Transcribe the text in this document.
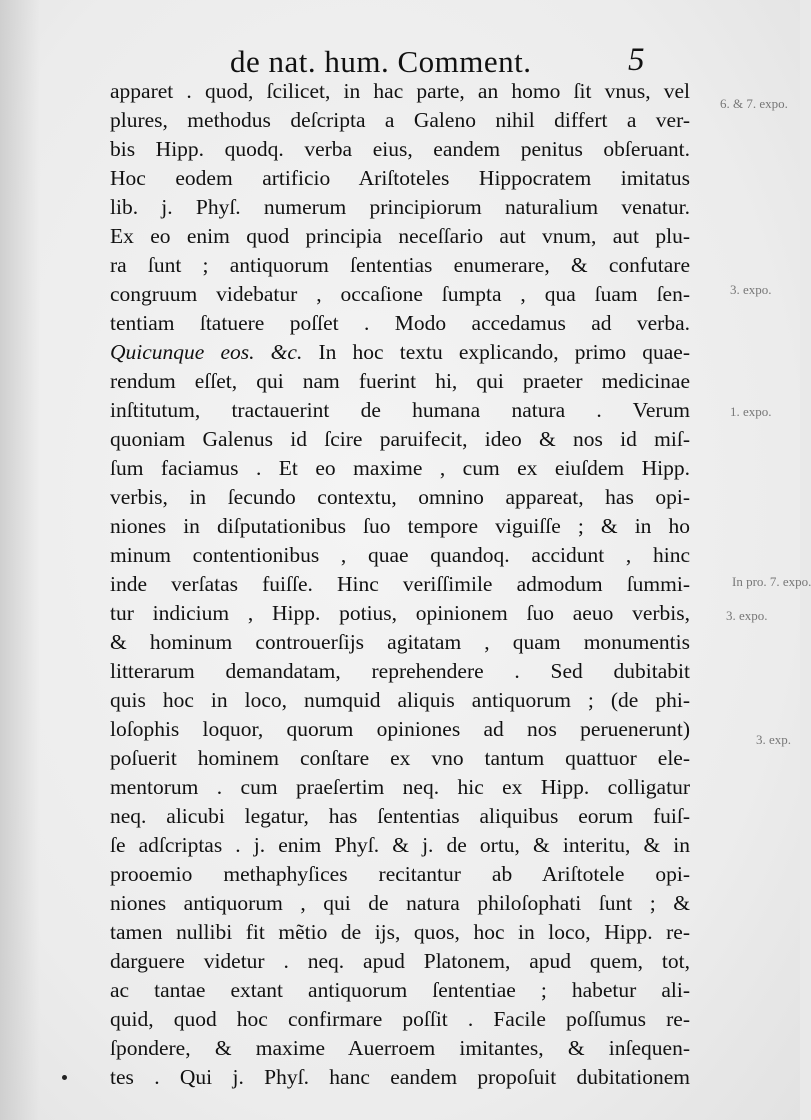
de nat. hum. Comment.	5
apparet . quod, ſcilicet, in hac parte, an homo ſit vnus, vel
plures, methodus deſcripta a Galeno nihil differt a ver-
bis Hipp. quodq. verba eius, eandem penitus obſeruant.
Hoc eodem artificio Ariſtoteles Hippocratem imitatus
lib. j. Phyſ. numerum principiorum naturalium venatur.
Ex eo enim quod principia neceſſario aut vnum, aut plu-
ra ſunt ; antiquorum ſententias enumerare, & confutare
congruum videbatur , occaſione ſumpta , qua ſuam ſen-
tentiam ſtatuere poſſet . Modo accedamus ad verba.
Quicunque eos. &c. In hoc textu explicando, primo quae-
rendum eſſet, qui nam fuerint hi, qui praeter medicinae
inſtitutum, tractauerint de humana natura . Verum
quoniam Galenus id ſcire paruifecit, ideo & nos id miſ-
ſum faciamus . Et eo maxime , cum ex eiuſdem Hipp.
verbis, in ſecundo contextu, omnino appareat, has opi-
niones in diſputationibus ſuo tempore viguiſſe ; & in ho
minum contentionibus , quae quandoq. accidunt , hinc
inde verſatas fuiſſe. Hinc veriſſimile admodum ſummi-
tur indicium , Hipp. potius, opinionem ſuo aeuo verbis,
& hominum controuerſijs agitatam , quam monumentis
litterarum demandatam, reprehendere . Sed dubitabit
quis hoc in loco, numquid aliquis antiquorum ; (de phi-
loſophis loquor, quorum opiniones ad nos peruenerunt)
poſuerit hominem conſtare ex vno tantum quattuor ele-
mentorum . cum praeſertim neq. hic ex Hipp. colligatur
neq. alicubi legatur, has ſententias aliquibus eorum fuiſ-
ſe adſcriptas . j. enim Phyſ. & j. de ortu, & interitu, & in
prooemio methaphyſices recitantur ab Ariſtotele opi-
niones antiquorum , qui de natura philoſophati ſunt ; &
tamen nullibi fit mẽtio de ijs, quos, hoc in loco, Hipp. re-
darguere videtur . neq. apud Platonem, apud quem, tot,
ac tantae extant antiquorum ſententiae ; habetur ali-
quid, quod hoc confirmare poſſit . Facile poſſumus re-
ſpondere, & maxime Auerroem imitantes, & inſequen-
tes . Qui j. Phyſ. hanc eandem propoſuit dubitationem
6. & 7. expo.
3. expo.
1. expo.
In pro. 7. expo.
3. expo.
3. exp.
